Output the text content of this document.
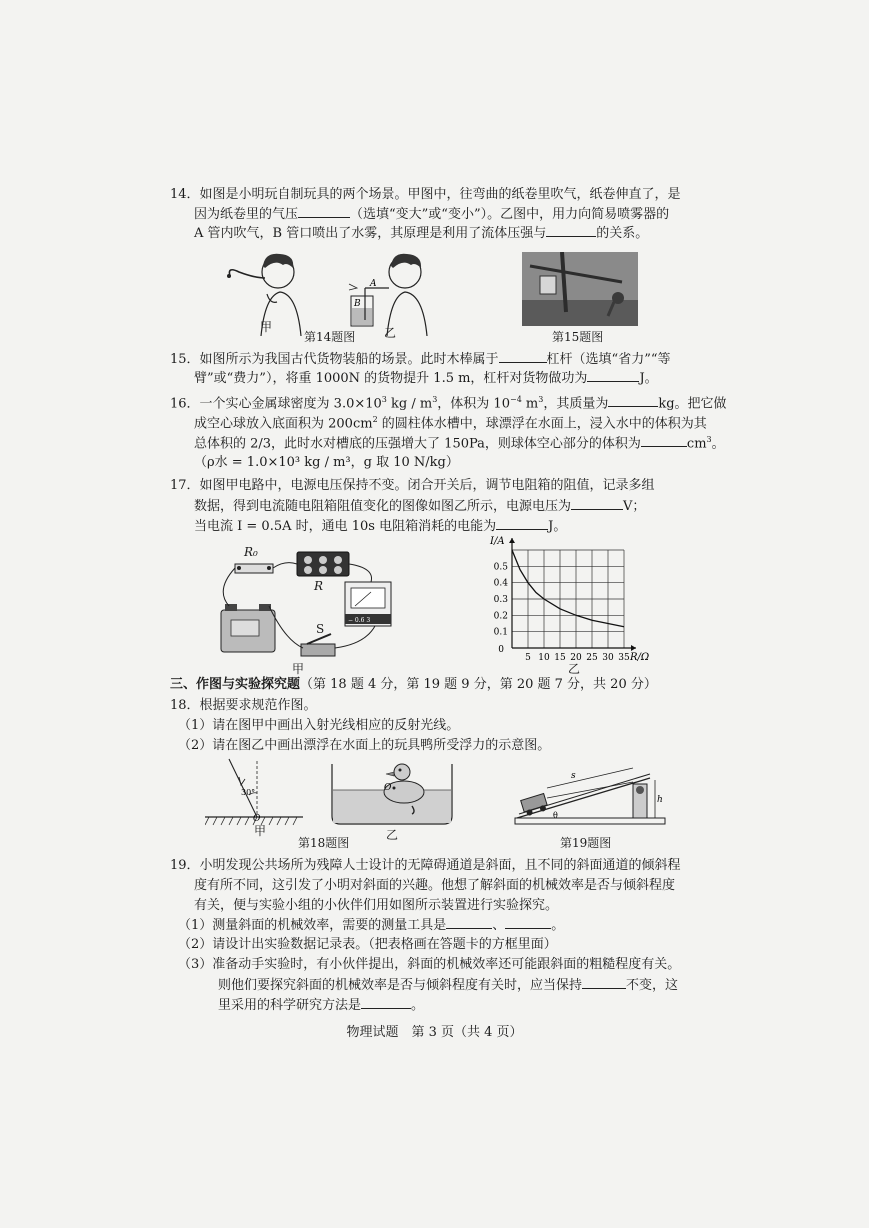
14．如图是小明玩自制玩具的两个场景。甲图中，往弯曲的纸卷里吹气，纸卷伸直了，是
因为纸卷里的气压	（选填“变大”或“变小”）。乙图中，用力向简易喷雾器的
A 管内吹气，B 管口喷出了水雾，其原理是利用了流体压强与	的关系。
A
B
甲	乙
第14题图	第15题图
15．如图所示为我国古代货物装船的场景。此时木棒属于	杠杆（选填“省力”“等
臂”或“费力”），将重 1000N 的货物提升 1.5 m，杠杆对货物做功为	J。
16．一个实心金属球密度为 $3.0\times 10^3$ kg / $m^3$，体积为 $10^{-4}$ $m^3$，其质量为	kg。把它做
成空心球放入底面积为 $200cm^2$ 的圆柱体水槽中，球漂浮在水面上，浸入水中的体积为其
总体积的 2/3，此时水对槽底的压强增大了 150Pa，则球体空心部分的体积为	$cm^3$。
（ρ水 = 1.0×10³ kg / m³，g 取 10 N/kg）
17．如图甲电路中，电源电压保持不变。闭合开关后，调节电阻箱的阻值，记录多组
数据，得到电流随电阻箱阻值变化的图像如图乙所示，电源电压为	V；
当电流 I = 0.5A 时，通电 10s 电阻箱消耗的电能为	J。
− 0.6 3
R₀
R
S
甲
5 10 15 20 25 30 35
0.1
0.2
0.3
0.4
0.5
0
I/A
R/Ω
乙
三、作图与实验探究题（第 18 题 4 分，第 19 题 9 分，第 20 题 7 分，共 20 分）
18．根据要求规范作图。
（1）请在图甲中画出入射光线相应的反射光线。
（2）请在图乙中画出漂浮在水面上的玩具鸭所受浮力的示意图。
30°
O
甲
O
乙
第18题图
s
h
θ
第19题图
19．小明发现公共场所为残障人士设计的无障碍通道是斜面，且不同的斜面通道的倾斜程
度有所不同，这引发了小明对斜面的兴趣。他想了解斜面的机械效率是否与倾斜程度
有关，便与实验小组的小伙伴们用如图所示装置进行实验探究。
（1）测量斜面的机械效率，需要的测量工具是	、	。
（2）请设计出实验数据记录表。（把表格画在答题卡的方框里面）
（3）准备动手实验时，有小伙伴提出，斜面的机械效率还可能跟斜面的粗糙程度有关。
则他们要探究斜面的机械效率是否与倾斜程度有关时，应当保持	不变，这
里采用的科学研究方法是	。
物理试题　第 3 页（共 4 页）
